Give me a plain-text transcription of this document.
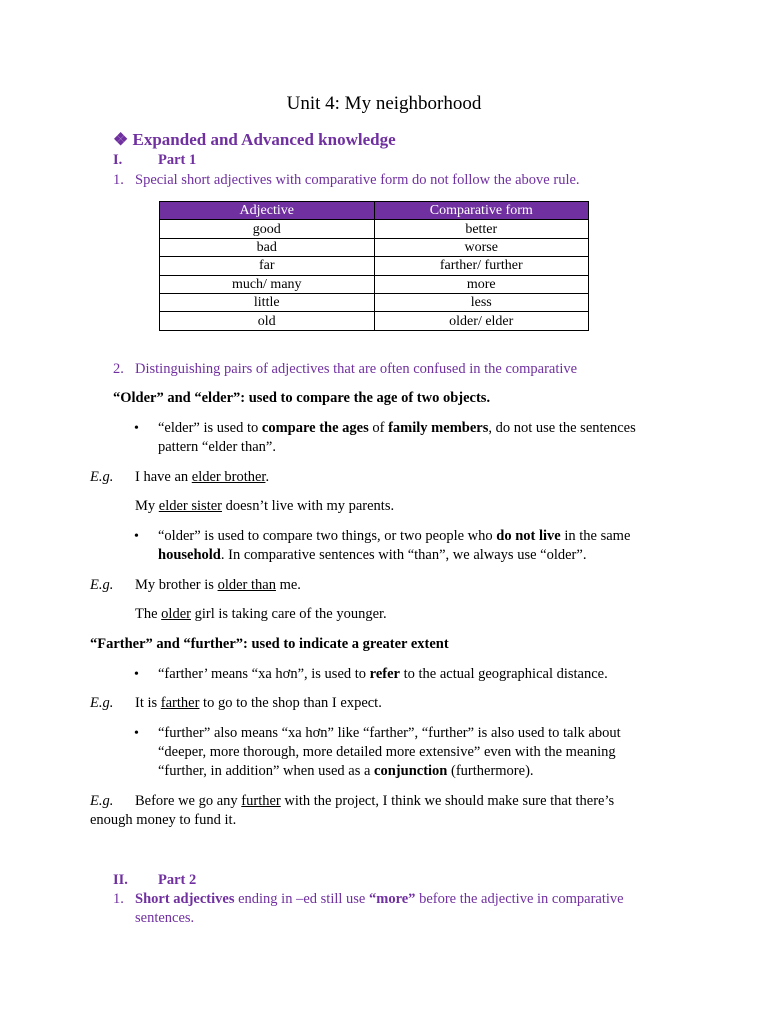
Unit 4: My neighborhood
❖ Expanded and Advanced knowledge
I. Part 1
1. Special short adjectives with comparative form do not follow the above rule.
Adjective	Comparative form
good	better
bad	worse
far	farther/ further
much/ many	more
little	less
old	older/ elder
2. Distinguishing pairs of adjectives that are often confused in the comparative
“Older” and “elder”: used to compare the age of two objects.
• “elder” is used to compare the ages of family members, do not use the sentences
pattern “elder than”.
E.g. I have an elder brother.
My elder sister doesn’t live with my parents.
• “older” is used to compare two things, or two people who do not live in the same
household. In comparative sentences with “than”, we always use “older”.
E.g. My brother is older than me.
The older girl is taking care of the younger.
“Farther” and “further”: used to indicate a greater extent
• “farther’ means “xa hơn”, is used to refer to the actual geographical distance.
E.g. It is farther to go to the shop than I expect.
• “further” also means “xa hơn” like “farther”, “further” is also used to talk about
“deeper, more thorough, more detailed more extensive” even with the meaning
“further, in addition” when used as a conjunction (furthermore).
E.g. Before we go any further with the project, I think we should make sure that there’s
enough money to fund it.
II. Part 2
1. Short adjectives ending in –ed still use “more” before the adjective in comparative
sentences.
